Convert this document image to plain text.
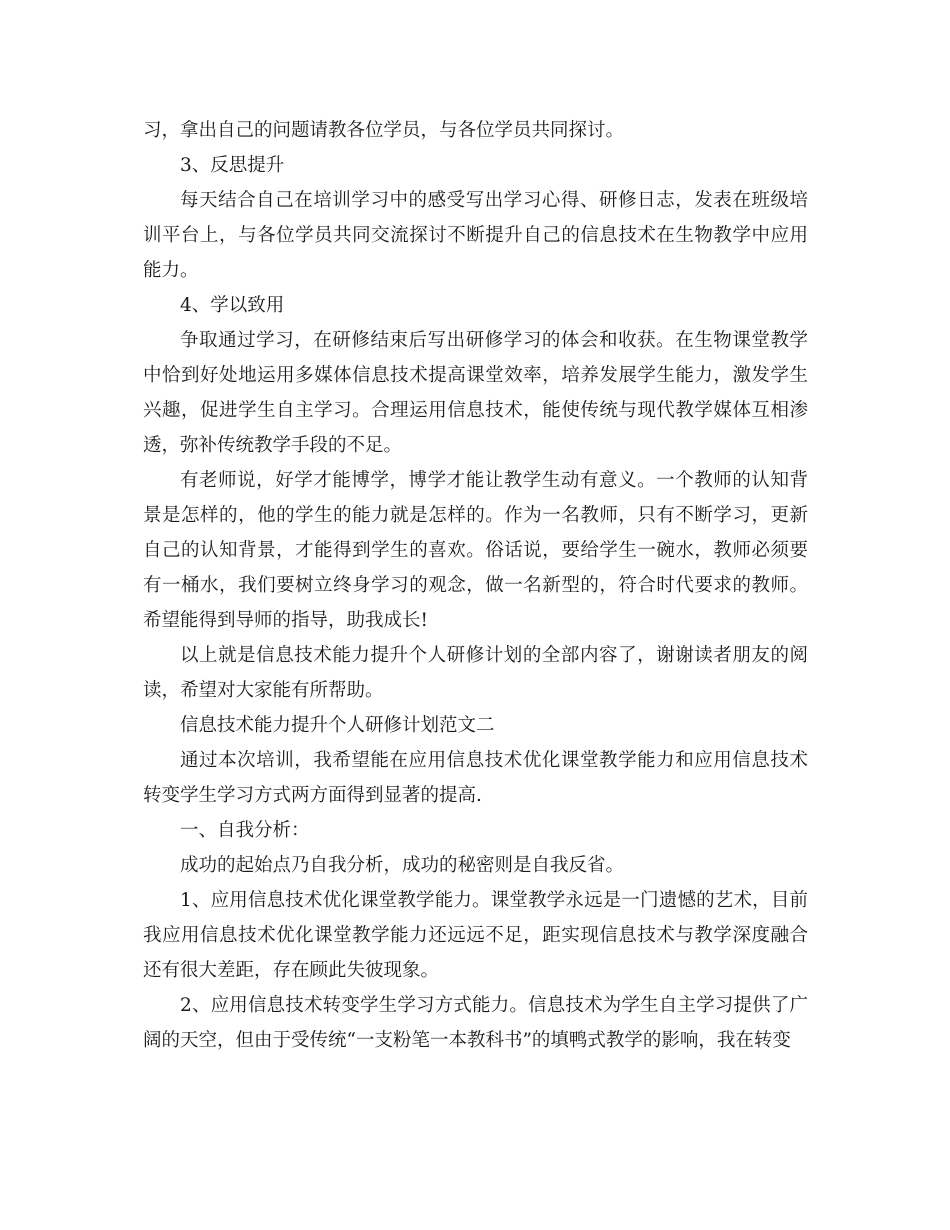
习，拿出自己的问题请教各位学员，与各位学员共同探讨。

3、反思提升

每天结合自己在培训学习中的感受写出学习心得、研修日志，发表在班级培训平台上，与各位学员共同交流探讨不断提升自己的信息技术在生物教学中应用能力。

4、学以致用

争取通过学习，在研修结束后写出研修学习的体会和收获。在生物课堂教学中恰到好处地运用多媒体信息技术提高课堂效率，培养发展学生能力，激发学生兴趣，促进学生自主学习。合理运用信息技术，能使传统与现代教学媒体互相渗透，弥补传统教学手段的不足。

有老师说，好学才能博学，博学才能让教学生动有意义。一个教师的认知背景是怎样的，他的学生的能力就是怎样的。作为一名教师，只有不断学习，更新自己的认知背景，才能得到学生的喜欢。俗话说，要给学生一碗水，教师必须要有一桶水，我们要树立终身学习的观念，做一名新型的，符合时代要求的教师。希望能得到导师的指导，助我成长!

以上就是信息技术能力提升个人研修计划的全部内容了，谢谢读者朋友的阅读，希望对大家能有所帮助。

信息技术能力提升个人研修计划范文二

通过本次培训，我希望能在应用信息技术优化课堂教学能力和应用信息技术转变学生学习方式两方面得到显著的提高.

一、自我分析：

成功的起始点乃自我分析，成功的秘密则是自我反省。

1、应用信息技术优化课堂教学能力。课堂教学永远是一门遗憾的艺术，目前我应用信息技术优化课堂教学能力还远远不足，距实现信息技术与教学深度融合还有很大差距，存在顾此失彼现象。

2、应用信息技术转变学生学习方式能力。信息技术为学生自主学习提供了广阔的天空，但由于受传统“一支粉笔一本教科书”的填鸭式教学的影响，我在转变
